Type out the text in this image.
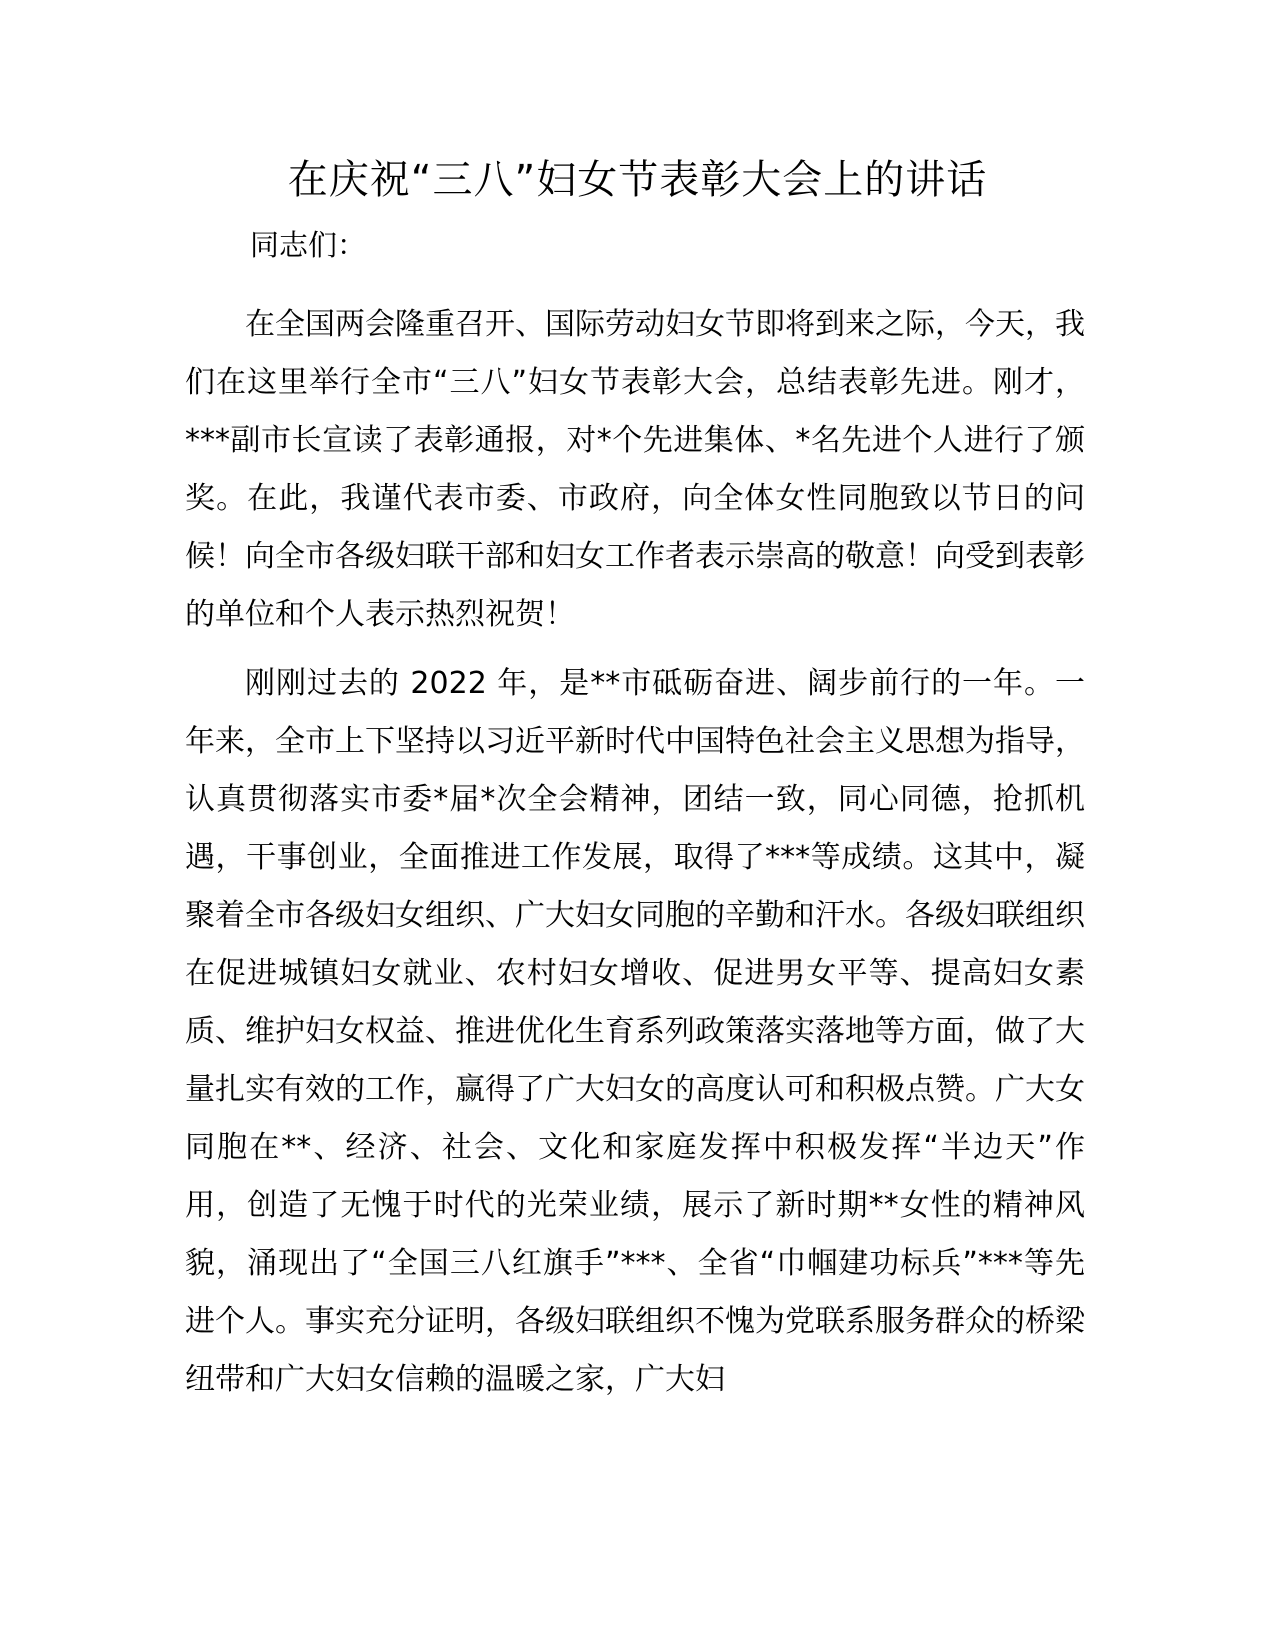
在庆祝“三八”妇女节表彰大会上的讲话
同志们：

在全国两会隆重召开、国际劳动妇女节即将到来之际，今天，我们在这里举行全市“三八”妇女节表彰大会，总结表彰先进。刚才，***副市长宣读了表彰通报，对*个先进集体、*名先进个人进行了颁奖。在此，我谨代表市委、市政府，向全体女性同胞致以节日的问候！向全市各级妇联干部和妇女工作者表示崇高的敬意！向受到表彰的单位和个人表示热烈祝贺！

刚刚过去的 2022 年，是**市砥砺奋进、阔步前行的一年。一年来，全市上下坚持以习近平新时代中国特色社会主义思想为指导，认真贯彻落实市委*届*次全会精神，团结一致，同心同德，抢抓机遇，干事创业，全面推进工作发展，取得了***等成绩。这其中，凝聚着全市各级妇女组织、广大妇女同胞的辛勤和汗水。各级妇联组织在促进城镇妇女就业、农村妇女增收、促进男女平等、提高妇女素质、维护妇女权益、推进优化生育系列政策落实落地等方面，做了大量扎实有效的工作，赢得了广大妇女的高度认可和积极点赞。广大女同胞在**、经济、社会、文化和家庭发挥中积极发挥“半边天”作用，创造了无愧于时代的光荣业绩，展示了新时期**女性的精神风貌，涌现出了“全国三八红旗手”***、全省“巾帼建功标兵”***等先进个人。事实充分证明，各级妇联组织不愧为党联系服务群众的桥梁纽带和广大妇女信赖的温暖之家，广大妇
